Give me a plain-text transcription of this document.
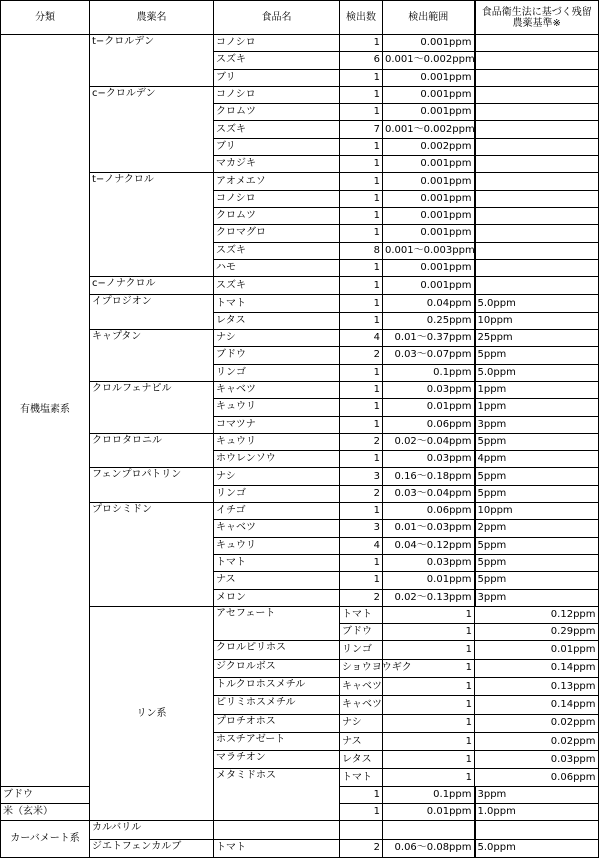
分類	農薬名	食品名	検出数	検出範囲	食品衛生法に基づく残留農薬基準※	
有機塩素系	t−クロルデン	コノシロ	1	0.001ppm		
		スズキ	6	0.001〜0.002ppm		
		ブリ	1	0.001ppm		
	c−クロルデン	コノシロ	1	0.001ppm		
		クロムツ	1	0.001ppm		
		スズキ	7	0.001〜0.002ppm		
		ブリ	1	0.002ppm		
		マカジキ	1	0.001ppm		
	t−ノナクロル	アオメエソ	1	0.001ppm		
		コノシロ	1	0.001ppm		
		クロムツ	1	0.001ppm		
		クロマグロ	1	0.001ppm		
		スズキ	8	0.001〜0.003ppm		
		ハモ	1	0.001ppm		
	c−ノナクロル	スズキ	1	0.001ppm		
	イプロジオン	トマト	1	0.04ppm	5.0ppm	
		レタス	1	0.25ppm	10ppm	
	キャプタン	ナシ	4	0.01〜0.37ppm	25ppm	
		ブドウ	2	0.03〜0.07ppm	5ppm	
		リンゴ	1	0.1ppm	5.0ppm	
	クロルフェナピル	キャベツ	1	0.03ppm	1ppm	
		キュウリ	1	0.01ppm	1ppm	
		コマツナ	1	0.06ppm	3ppm	
	クロロタロニル	キュウリ	2	0.02〜0.04ppm	5ppm	
		ホウレンソウ	1	0.03ppm	4ppm	
	フェンプロパトリン	ナシ	3	0.16〜0.18ppm	5ppm	
		リンゴ	2	0.03〜0.04ppm	5ppm	
	プロシミドン	イチゴ	1	0.06ppm	10ppm	
		キャベツ	3	0.01〜0.03ppm	2ppm	
		キュウリ	4	0.04〜0.12ppm	5ppm	
		トマト	1	0.03ppm	5ppm	
		ナス	1	0.01ppm	5ppm	
		メロン	2	0.02〜0.13ppm	3ppm	
	リン系	アセフェート	トマト	1	0.12ppm	
			ブドウ	1	0.29ppm	
		クロルピリホス	リンゴ	1	0.01ppm	
		ジクロルボス	ショウヨウギク	1	0.14ppm	
		トルクロホスメチル	キャベツ	1	0.13ppm	
		ピリミホスメチル	キャベツ	1	0.14ppm	
		プロチオホス	ナシ	1	0.02ppm	
		ホスチアゼート	ナス	1	0.02ppm	
		マラチオン	レタス	1	0.03ppm	
		メタミドホス	トマト	1	0.06ppm	
ブドウ			1	0.1ppm	3ppm	
米（玄米）			1	0.01ppm	1.0ppm	
カーバメート系	カルバリル					
	ジエトフェンカルブ	トマト	2	0.06〜0.08ppm	5.0ppm	
